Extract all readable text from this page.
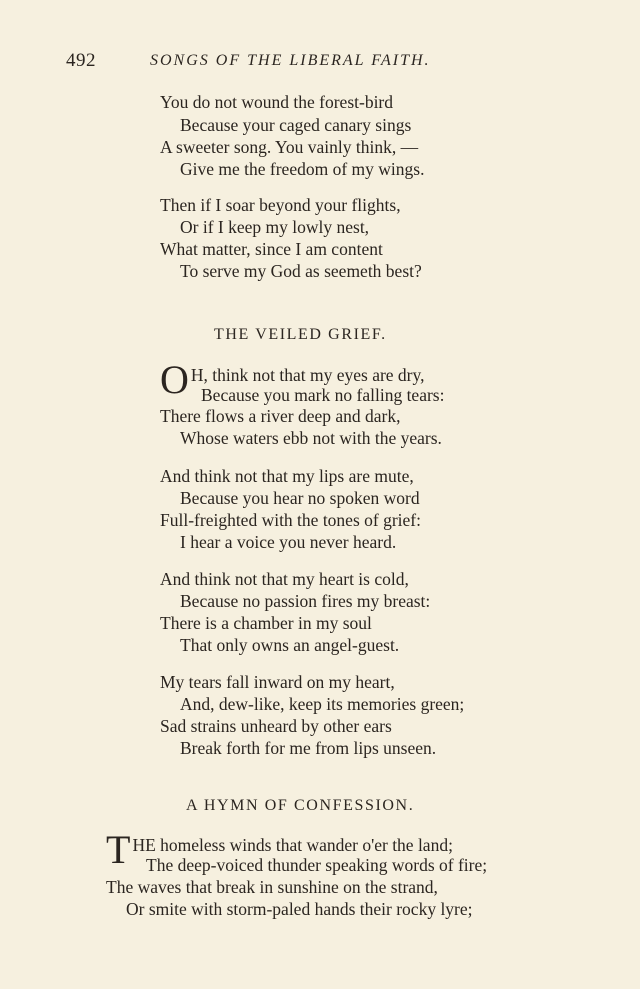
492	SONGS OF THE LIBERAL FAITH.
You do not wound the forest-bird
Because your caged canary sings
A sweeter song. You vainly think, —
Give me the freedom of my wings.
Then if I soar beyond your flights,
Or if I keep my lowly nest,
What matter, since I am content
To serve my God as seemeth best?
THE VEILED GRIEF.
O H, think not that my eyes are dry,
Because you mark no falling tears:
There flows a river deep and dark,
Whose waters ebb not with the years.
And think not that my lips are mute,
Because you hear no spoken word
Full-freighted with the tones of grief:
I hear a voice you never heard.
And think not that my heart is cold,
Because no passion fires my breast:
There is a chamber in my soul
That only owns an angel-guest.
My tears fall inward on my heart,
And, dew-like, keep its memories green;
Sad strains unheard by other ears
Break forth for me from lips unseen.
A HYMN OF CONFESSION.
THE homeless winds that wander o'er the land;
The deep-voiced thunder speaking words of fire;
The waves that break in sunshine on the strand,
Or smite with storm-paled hands their rocky lyre;
